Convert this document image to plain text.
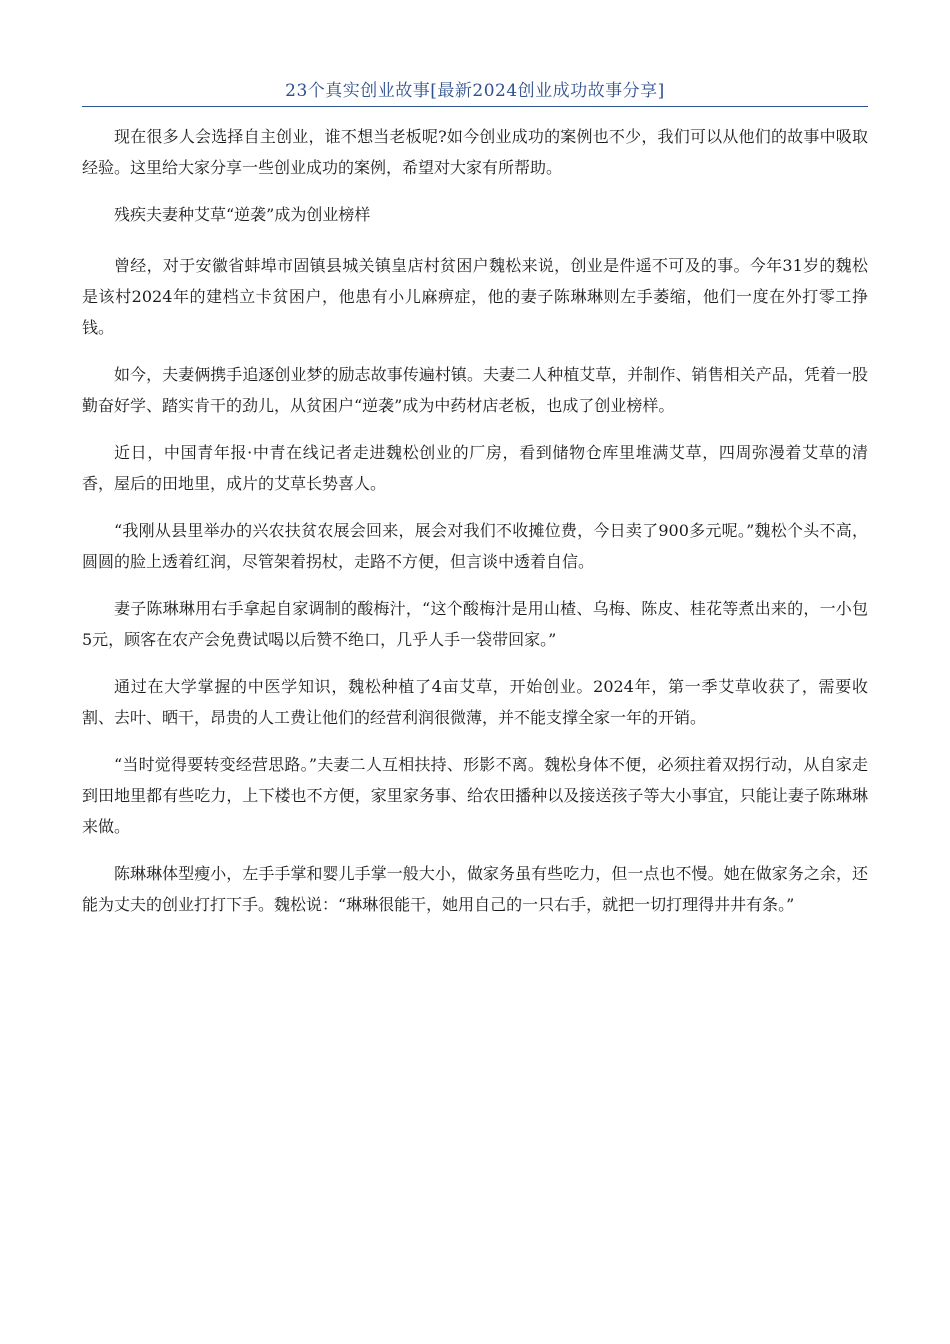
23个真实创业故事[最新2024创业成功故事分享]

现在很多人会选择自主创业，谁不想当老板呢?如今创业成功的案例也不少，我们可以从他们的故事中吸取经验。这里给大家分享一些创业成功的案例，希望对大家有所帮助。

残疾夫妻种艾草“逆袭”成为创业榜样

曾经，对于安徽省蚌埠市固镇县城关镇皇店村贫困户魏松来说，创业是件遥不可及的事。今年31岁的魏松是该村2024年的建档立卡贫困户，他患有小儿麻痹症，他的妻子陈琳琳则左手萎缩，他们一度在外打零工挣钱。

如今，夫妻俩携手追逐创业梦的励志故事传遍村镇。夫妻二人种植艾草，并制作、销售相关产品，凭着一股勤奋好学、踏实肯干的劲儿，从贫困户“逆袭”成为中药材店老板，也成了创业榜样。

近日，中国青年报·中青在线记者走进魏松创业的厂房，看到储物仓库里堆满艾草，四周弥漫着艾草的清香，屋后的田地里，成片的艾草长势喜人。

“我刚从县里举办的兴农扶贫农展会回来，展会对我们不收摊位费，今日卖了900多元呢。”魏松个头不高，圆圆的脸上透着红润，尽管架着拐杖，走路不方便，但言谈中透着自信。

妻子陈琳琳用右手拿起自家调制的酸梅汁，“这个酸梅汁是用山楂、乌梅、陈皮、桂花等煮出来的，一小包5元，顾客在农产会免费试喝以后赞不绝口，几乎人手一袋带回家。”

通过在大学掌握的中医学知识，魏松种植了4亩艾草，开始创业。2024年，第一季艾草收获了，需要收割、去叶、晒干，昂贵的人工费让他们的经营利润很微薄，并不能支撑全家一年的开销。

“当时觉得要转变经营思路。”夫妻二人互相扶持、形影不离。魏松身体不便，必须拄着双拐行动，从自家走到田地里都有些吃力，上下楼也不方便，家里家务事、给农田播种以及接送孩子等大小事宜，只能让妻子陈琳琳来做。

陈琳琳体型瘦小，左手手掌和婴儿手掌一般大小，做家务虽有些吃力，但一点也不慢。她在做家务之余，还能为丈夫的创业打打下手。魏松说：“琳琳很能干，她用自己的一只右手，就把一切打理得井井有条。”
